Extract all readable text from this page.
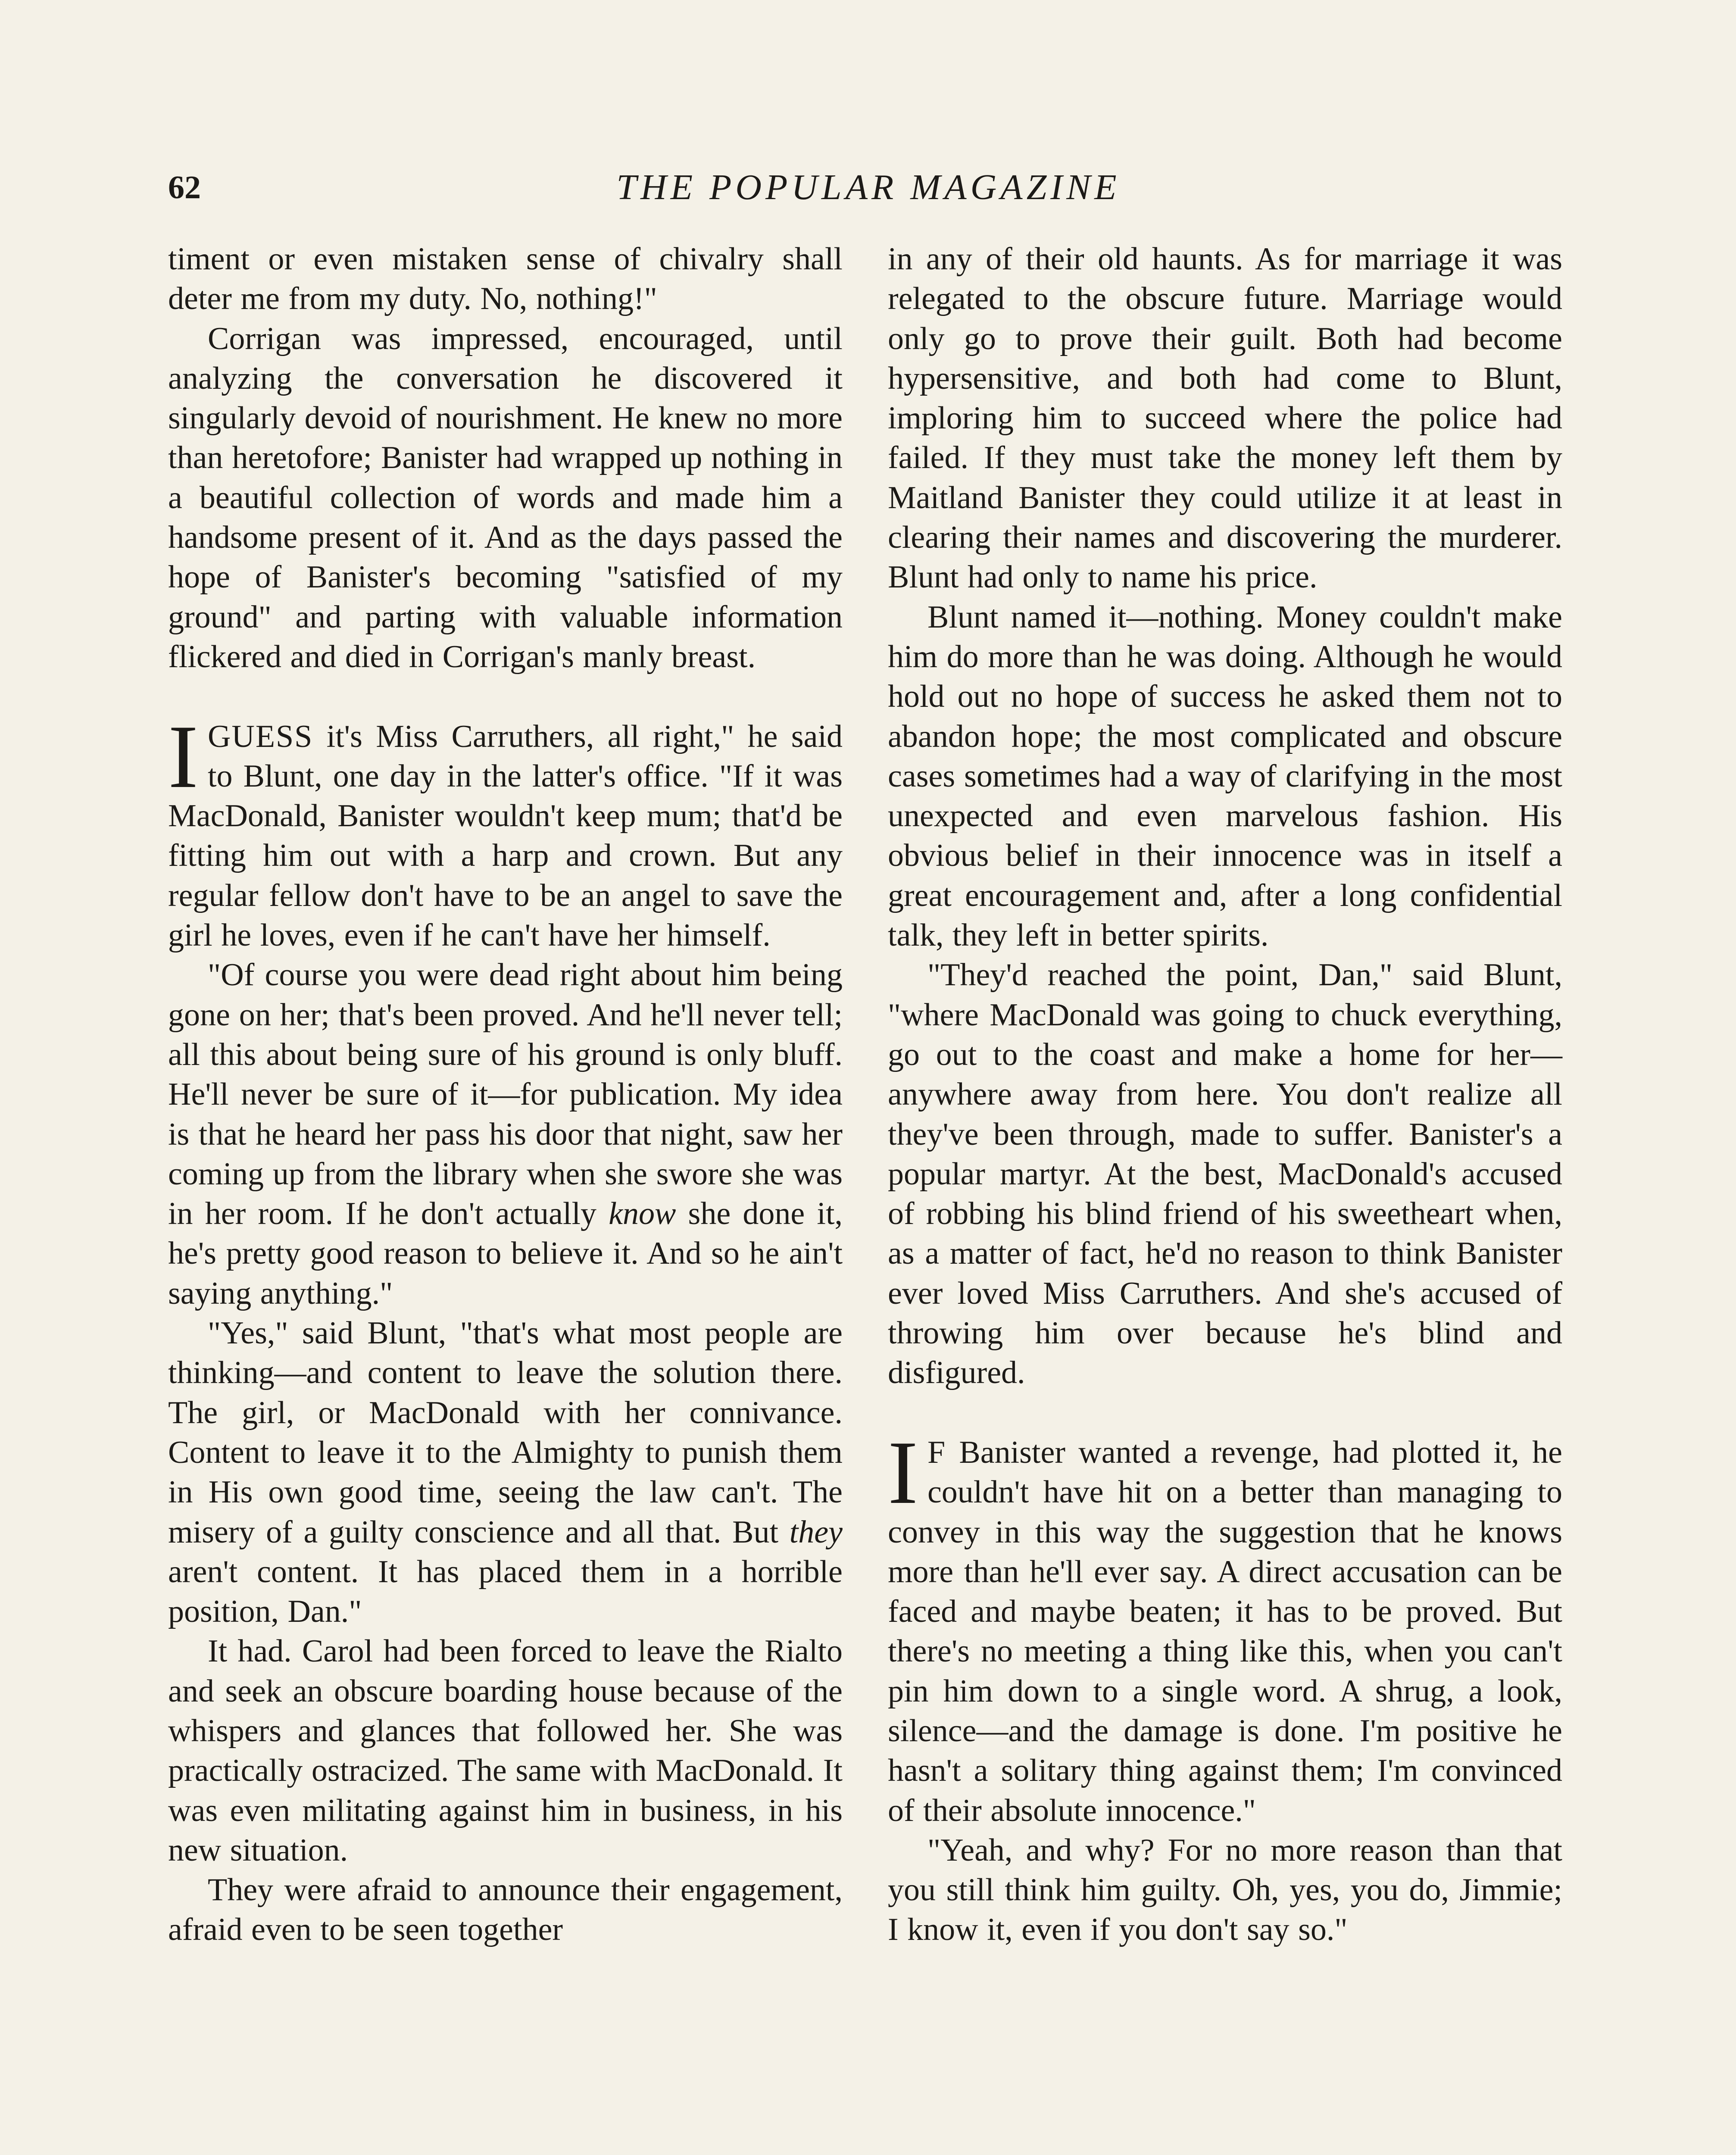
62	THE POPULAR MAGAZINE

timent or even mistaken sense of chivalry shall deter me from my duty. No, nothing!"

Corrigan was impressed, encouraged, until analyzing the conversation he discovered it singularly devoid of nourishment. He knew no more than heretofore; Banister had wrapped up nothing in a beautiful collection of words and made him a handsome present of it. And as the days passed the hope of Banister's becoming "satisfied of my ground" and parting with valuable information flickered and died in Corrigan's manly breast.

IGUESS it's Miss Carruthers, all right," he said to Blunt, one day in the latter's office. "If it was MacDonald, Banister wouldn't keep mum; that'd be fitting him out with a harp and crown. But any regular fellow don't have to be an angel to save the girl he loves, even if he can't have her himself.

"Of course you were dead right about him being gone on her; that's been proved. And he'll never tell; all this about being sure of his ground is only bluff. He'll never be sure of it—for publication. My idea is that he heard her pass his door that night, saw her coming up from the library when she swore she was in her room. If he don't actually know she done it, he's pretty good reason to believe it. And so he ain't saying anything."

"Yes," said Blunt, "that's what most people are thinking—and content to leave the solution there. The girl, or MacDonald with her connivance. Content to leave it to the Almighty to punish them in His own good time, seeing the law can't. The misery of a guilty conscience and all that. But they aren't content. It has placed them in a horrible position, Dan."

It had. Carol had been forced to leave the Rialto and seek an obscure boarding house because of the whispers and glances that followed her. She was practically ostracized. The same with MacDonald. It was even militating against him in business, in his new situation.

They were afraid to announce their engagement, afraid even to be seen together

in any of their old haunts. As for marriage it was relegated to the obscure future. Marriage would only go to prove their guilt. Both had become hypersensitive, and both had come to Blunt, imploring him to succeed where the police had failed. If they must take the money left them by Maitland Banister they could utilize it at least in clearing their names and discovering the murderer. Blunt had only to name his price.

Blunt named it—nothing. Money couldn't make him do more than he was doing. Although he would hold out no hope of success he asked them not to abandon hope; the most complicated and obscure cases sometimes had a way of clarifying in the most unexpected and even marvelous fashion. His obvious belief in their innocence was in itself a great encouragement and, after a long confidential talk, they left in better spirits.

"They'd reached the point, Dan," said Blunt, "where MacDonald was going to chuck everything, go out to the coast and make a home for her—anywhere away from here. You don't realize all they've been through, made to suffer. Banister's a popular martyr. At the best, MacDonald's accused of robbing his blind friend of his sweetheart when, as a matter of fact, he'd no reason to think Banister ever loved Miss Carruthers. And she's accused of throwing him over because he's blind and disfigured.

I F Banister wanted a revenge, had plotted it, he couldn't have hit on a better than managing to convey in this way the suggestion that he knows more than he'll ever say. A direct accusation can be faced and maybe beaten; it has to be proved. But there's no meeting a thing like this, when you can't pin him down to a single word. A shrug, a look, silence—and the damage is done. I'm positive he hasn't a solitary thing against them; I'm convinced of their absolute innocence."

"Yeah, and why? For no more reason than that you still think him guilty. Oh, yes, you do, Jimmie; I know it, even if you don't say so."
